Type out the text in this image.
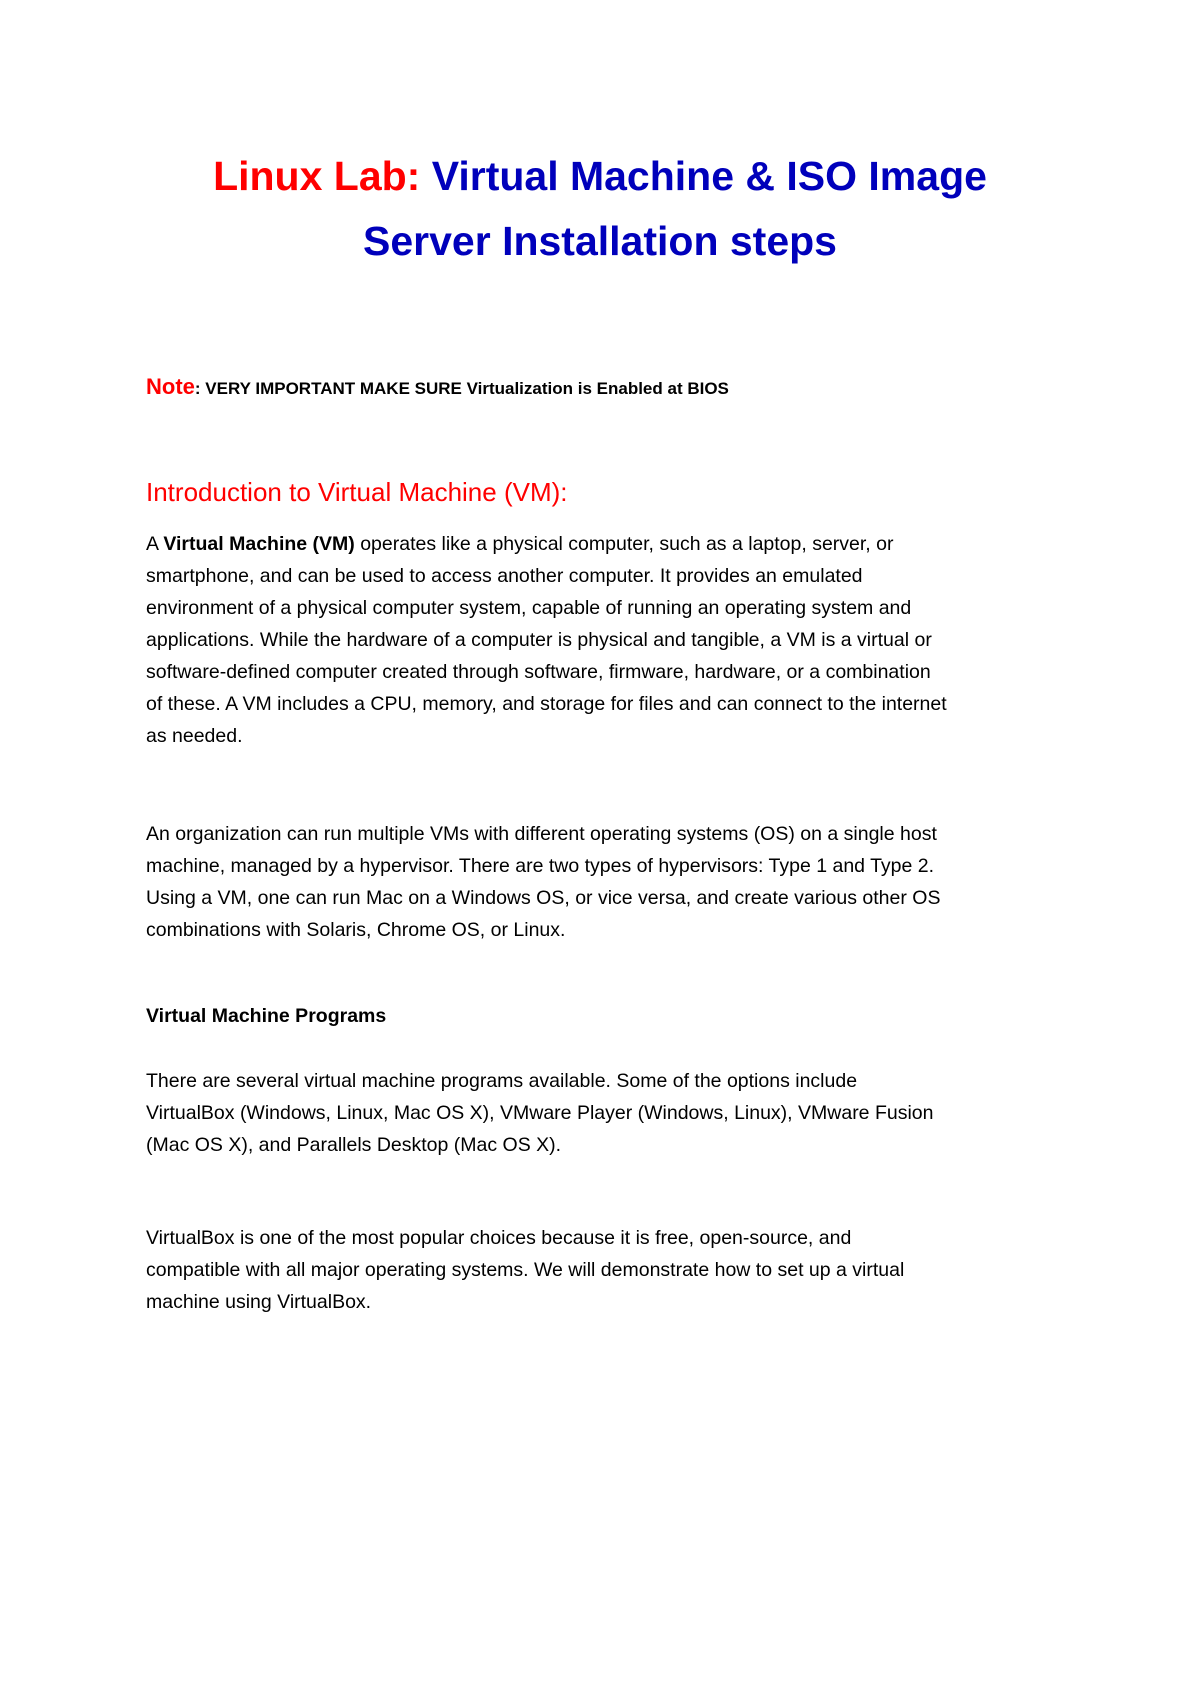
Linux Lab: Virtual Machine & ISO Image
Server Installation steps
Note: VERY IMPORTANT MAKE SURE Virtualization is Enabled at BIOS
Introduction to Virtual Machine (VM):

A Virtual Machine (VM) operates like a physical computer, such as a laptop, server, or
smartphone, and can be used to access another computer. It provides an emulated
environment of a physical computer system, capable of running an operating system and
applications. While the hardware of a computer is physical and tangible, a VM is a virtual or
software-defined computer created through software, firmware, hardware, or a combination
of these. A VM includes a CPU, memory, and storage for files and can connect to the internet
as needed.

An organization can run multiple VMs with different operating systems (OS) on a single host
machine, managed by a hypervisor. There are two types of hypervisors: Type 1 and Type 2.
Using a VM, one can run Mac on a Windows OS, or vice versa, and create various other OS
combinations with Solaris, Chrome OS, or Linux.

Virtual Machine Programs

There are several virtual machine programs available. Some of the options include
VirtualBox (Windows, Linux, Mac OS X), VMware Player (Windows, Linux), VMware Fusion
(Mac OS X), and Parallels Desktop (Mac OS X).

VirtualBox is one of the most popular choices because it is free, open-source, and
compatible with all major operating systems. We will demonstrate how to set up a virtual
machine using VirtualBox.
